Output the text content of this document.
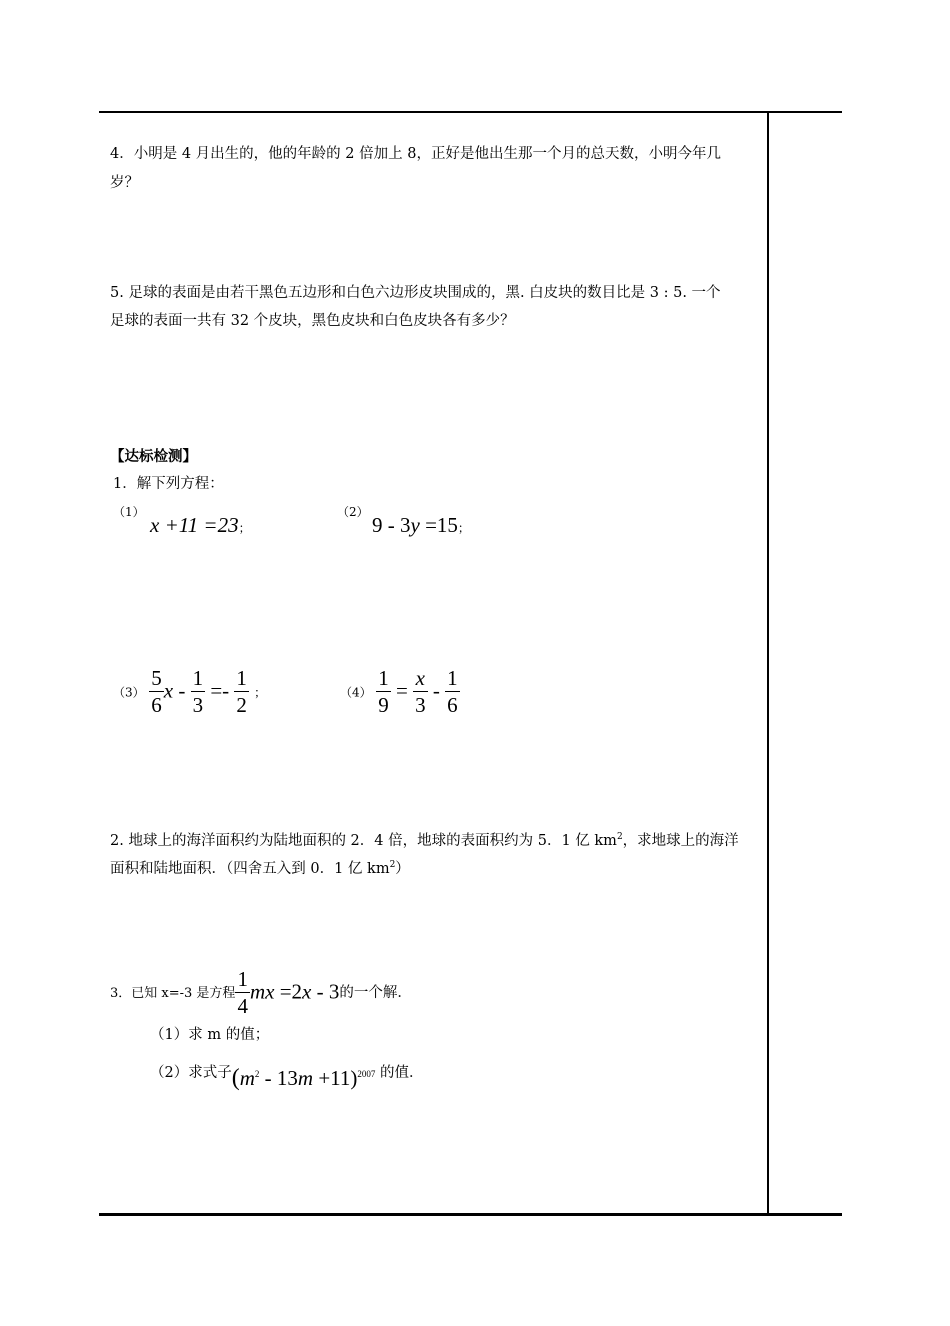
4．小明是 4 月出生的，他的年龄的 2 倍加上 8，正好是他出生那一个月的总天数，小明今年几
岁？
5. 足球的表面是由若干黑色五边形和白色六边形皮块围成的，黑. 白皮块的数目比是 3 : 5. 一个
足球的表面一共有 32 个皮块，黑色皮块和白色皮块各有多少？
【达标检测】
1．解下列方程：
（1）
x +11 =23；
（2）
9 - 3y =15；
$(3) \frac{5}{6}$ $x - \frac{1}{3} =- \frac{1}{2}$ ；	$(4) \frac{1}{9} = \frac{x}{3} - \frac{1}{6}$
2. 地球上的海洋面积约为陆地面积的 2．4 倍，地球的表面积约为 5．1 亿 $km^2$，求地球上的海洋
面积和陆地面积．（四舍五入到 0．1 亿 $km^2$）
3．已知 x=-3 是方程 $\frac{1}{4}$ mx =2x - 3的一个解．
（1）求 m 的值；
（2）求式子$(m^2 - 13m +11)^{2007}$ 的值．
